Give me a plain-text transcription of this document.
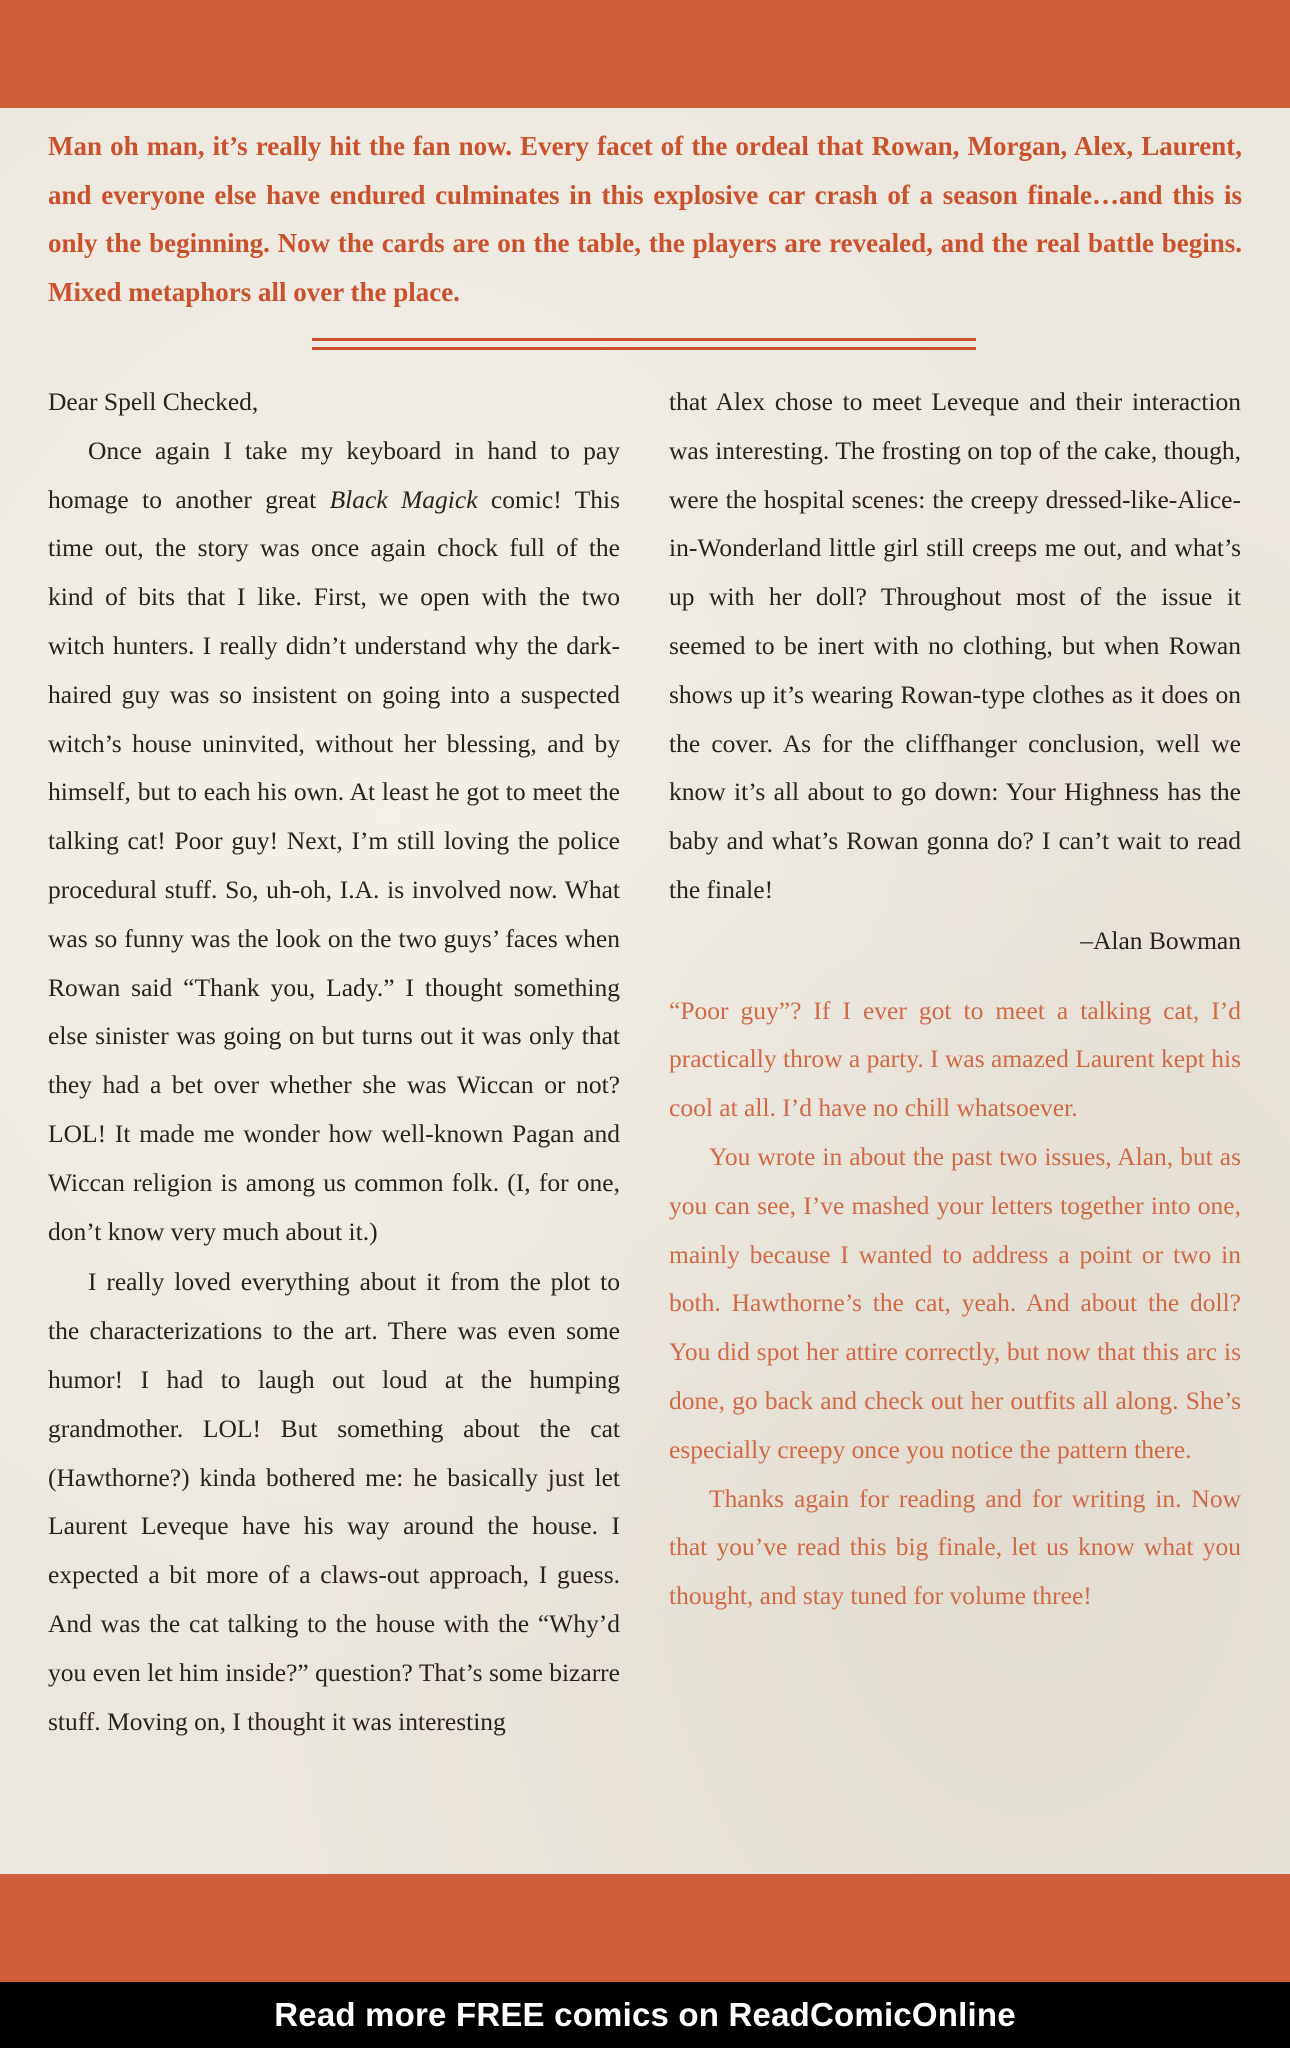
Man oh man, it’s really hit the fan now. Every facet of the ordeal that Rowan, Morgan, Alex, Laurent, and everyone else have endured culminates in this explosive car crash of a season finale…and this is only the beginning. Now the cards are on the table, the players are revealed, and the real battle begins. Mixed metaphors all over the place.

Dear Spell Checked,

Once again I take my keyboard in hand to pay homage to another great Black Magick comic! This time out, the story was once again chock full of the kind of bits that I like. First, we open with the two witch hunters. I really didn’t understand why the dark-haired guy was so insistent on going into a suspected witch’s house uninvited, without her blessing, and by himself, but to each his own. At least he got to meet the talking cat! Poor guy! Next, I’m still loving the police procedural stuff. So, uh-oh, I.A. is involved now. What was so funny was the look on the two guys’ faces when Rowan said “Thank you, Lady.” I thought something else sinister was going on but turns out it was only that they had a bet over whether she was Wiccan or not? LOL! It made me wonder how well-known Pagan and Wiccan religion is among us common folk. (I, for one, don’t know very much about it.)

I really loved everything about it from the plot to the characterizations to the art. There was even some humor! I had to laugh out loud at the humping grandmother. LOL! But something about the cat (Hawthorne?) kinda bothered me: he basically just let Laurent Leveque have his way around the house. I expected a bit more of a claws-out approach, I guess. And was the cat talking to the house with the “Why’d you even let him inside?” question? That’s some bizarre stuff. Moving on, I thought it was interesting

that Alex chose to meet Leveque and their interaction was interesting. The frosting on top of the cake, though, were the hospital scenes: the creepy dressed-like-Alice-in-Wonderland little girl still creeps me out, and what’s up with her doll? Throughout most of the issue it seemed to be inert with no clothing, but when Rowan shows up it’s wearing Rowan-type clothes as it does on the cover. As for the cliffhanger conclusion, well we know it’s all about to go down: Your Highness has the baby and what’s Rowan gonna do? I can’t wait to read the finale!

–Alan Bowman

“Poor guy”? If I ever got to meet a talking cat, I’d practically throw a party. I was amazed Laurent kept his cool at all. I’d have no chill whatsoever.

You wrote in about the past two issues, Alan, but as you can see, I’ve mashed your letters together into one, mainly because I wanted to address a point or two in both. Hawthorne’s the cat, yeah. And about the doll? You did spot her attire correctly, but now that this arc is done, go back and check out her outfits all along. She’s especially creepy once you notice the pattern there.

Thanks again for reading and for writing in. Now that you’ve read this big finale, let us know what you thought, and stay tuned for volume three!

Read more FREE comics on ReadComicOnline
